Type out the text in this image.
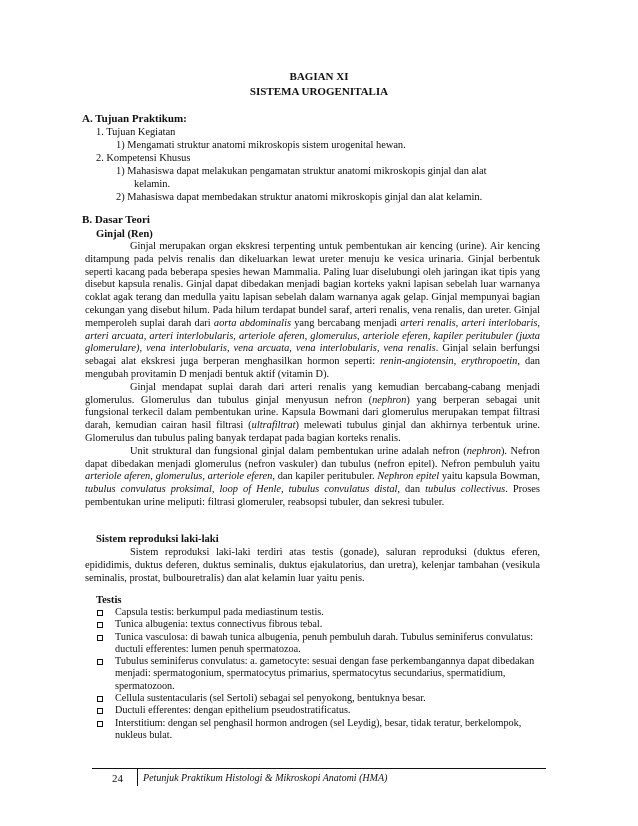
BAGIAN XI
SISTEMA UROGENITALIA
A. Tujuan Praktikum:
1. Tujuan Kegiatan
1) Mengamati struktur anatomi mikroskopis sistem urogenital hewan.
2. Kompetensi Khusus
1) Mahasiswa dapat melakukan pengamatan struktur anatomi mikroskopis ginjal dan alat
kelamin.
2) Mahasiswa dapat membedakan struktur anatomi mikroskopis ginjal dan alat kelamin.
B. Dasar Teori
Ginjal (Ren)

Ginjal merupakan organ ekskresi terpenting untuk pembentukan air kencing (urine). Air kencing ditampung pada pelvis renalis dan dikeluarkan lewat ureter menuju ke vesica urinaria. Ginjal berbentuk seperti kacang pada beberapa spesies hewan Mammalia. Paling luar diselubungi oleh jaringan ikat tipis yang disebut kapsula renalis. Ginjal dapat dibedakan menjadi bagian korteks yakni lapisan sebelah luar warnanya coklat agak terang dan medulla yaitu lapisan sebelah dalam warnanya agak gelap. Ginjal mempunyai bagian cekungan yang disebut hilum. Pada hilum terdapat bundel saraf, arteri renalis, vena renalis, dan ureter. Ginjal memperoleh suplai darah dari aorta abdominalis yang bercabang menjadi arteri renalis, arteri interlobaris, arteri arcuata, arteri interlobularis, arteriole aferen, glomerulus, arteriole eferen, kapiler peritubuler (juxta glomerulare), vena interlobularis, vena arcuata, vena interlobularis, vena renalis. Ginjal selain berfungsi sebagai alat ekskresi juga berperan menghasilkan hormon seperti: renin-angiotensin, erythropoetin, dan mengubah provitamin D menjadi bentuk aktif (vitamin D).

Ginjal mendapat suplai darah dari arteri renalis yang kemudian bercabang-cabang menjadi glomerulus. Glomerulus dan tubulus ginjal menyusun nefron (nephron) yang berperan sebagai unit fungsional terkecil dalam pembentukan urine. Kapsula Bowmani dari glomerulus merupakan tempat filtrasi darah, kemudian cairan hasil filtrasi (ultrafiltrat) melewati tubulus ginjal dan akhirnya terbentuk urine. Glomerulus dan tubulus paling banyak terdapat pada bagian korteks renalis.

Unit struktural dan fungsional ginjal dalam pembentukan urine adalah nefron (nephron). Nefron dapat dibedakan menjadi glomerulus (nefron vaskuler) dan tubulus (nefron epitel). Nefron pembuluh yaitu arteriole aferen, glomerulus, arteriole eferen, dan kapiler peritubuler. Nephron epitel yaitu kapsula Bowman, tubulus convulatus proksimal, loop of Henle, tubulus convulatus distal, dan tubulus collectivus. Proses pembentukan urine meliputi: filtrasi glomeruler, reabsopsi tubuler, dan sekresi tubuler.

Sistem reproduksi laki-laki

Sistem reproduksi laki-laki terdiri atas testis (gonade), saluran reproduksi (duktus eferen, epididimis, duktus deferen, duktus seminalis, duktus ejakulatorius, dan uretra), kelenjar tambahan (vesikula seminalis, prostat, bulbouretralis) dan alat kelamin luar yaitu penis.

Testis
Capsula testis: berkumpul pada mediastinum testis.
Tunica albugenia: textus connectivus fibrous tebal.
Tunica vasculosa: di bawah tunica albugenia, penuh pembuluh darah. Tubulus seminiferus convulatus: ductuli efferentes: lumen penuh spermatozoa.
Tubulus seminiferus convulatus: a. gametocyte: sesuai dengan fase perkembangannya dapat dibedakan menjadi: spermatogonium, spermatocytus primarius, spermatocytus secundarius, spermatidium, spermatozoon.
Cellula sustentacularis (sel Sertoli) sebagai sel penyokong, bentuknya besar.
Ductuli efferentes: dengan epithelium pseudostratificatus.
Interstitium: dengan sel penghasil hormon androgen (sel Leydig), besar, tidak teratur, berkelompok, nukleus bulat.
24 Petunjuk Praktikum Histologi & Mikroskopi Anatomi (HMA)
